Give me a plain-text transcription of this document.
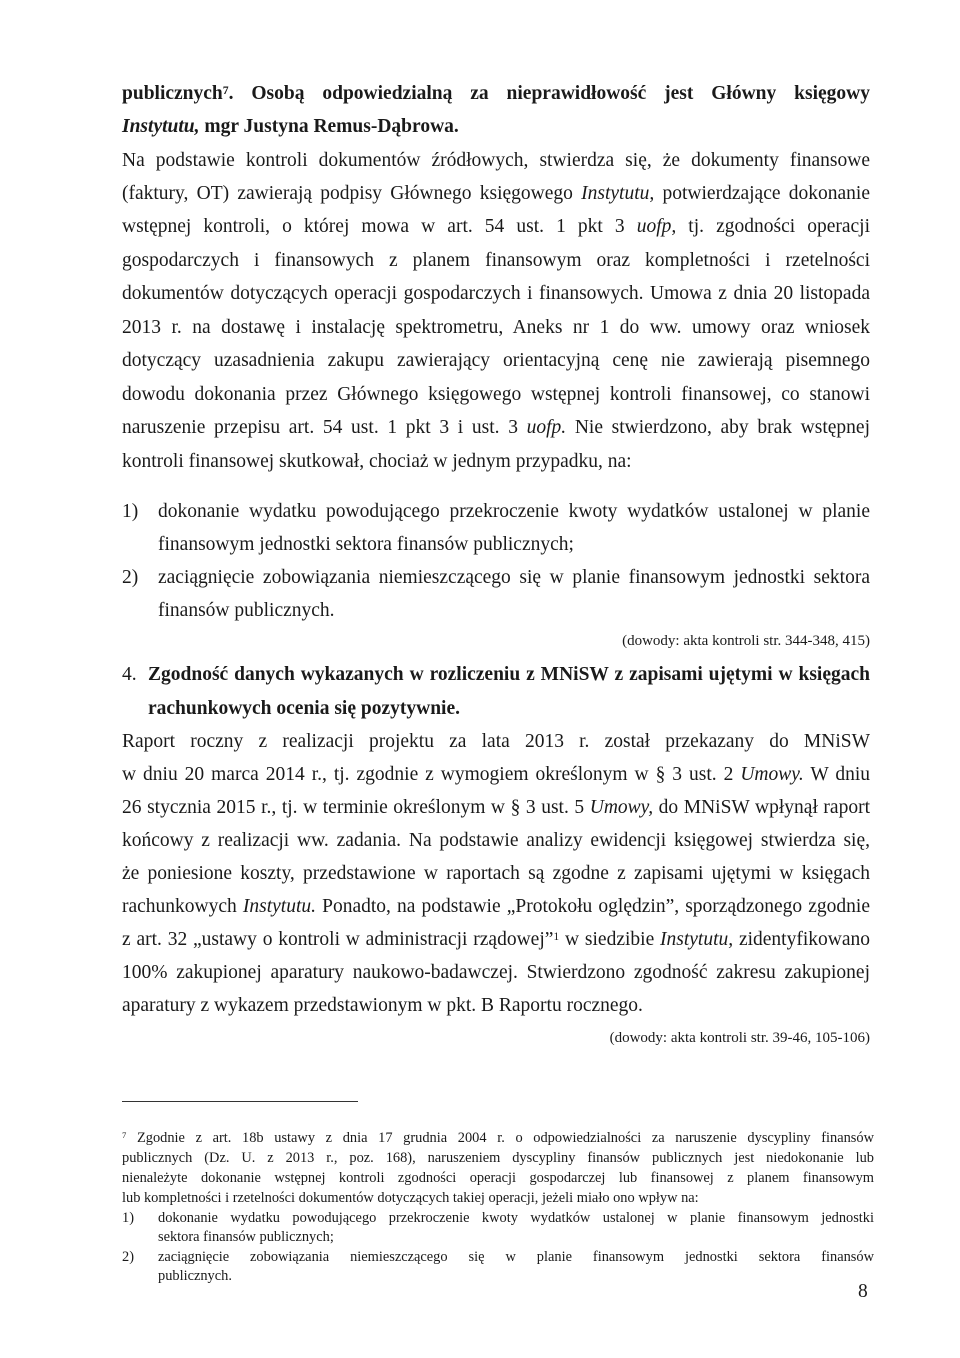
publicznych$^7$. Osobą odpowiedzialną za nieprawidłowość jest Główny księgowy

Instytutu, mgr Justyna Remus-Dąbrowa.

Na podstawie kontroli dokumentów źródłowych, stwierdza się, że dokumenty finansowe

(faktury, OT) zawierają podpisy Głównego księgowego Instytutu, potwierdzające dokonanie

wstępnej kontroli, o której mowa w art. 54 ust. 1 pkt 3 uofp, tj. zgodności operacji

gospodarczych i finansowych z planem finansowym oraz kompletności i rzetelności

dokumentów dotyczących operacji gospodarczych i finansowych. Umowa z dnia 20 listopada

2013 r. na dostawę i instalację spektrometru, Aneks nr 1 do ww. umowy oraz wniosek

dotyczący uzasadnienia zakupu zawierający orientacyjną cenę nie zawierają pisemnego

dowodu dokonania przez Głównego księgowego wstępnej kontroli finansowej, co stanowi

naruszenie przepisu art. 54 ust. 1 pkt 3 i ust. 3 uofp. Nie stwierdzono, aby brak wstępnej

kontroli finansowej skutkował, chociaż w jednym przypadku, na:

1) dokonanie wydatku powodującego przekroczenie kwoty wydatków ustalonej w planie

finansowym jednostki sektora finansów publicznych;

2) zaciągnięcie zobowiązania niemieszczącego się w planie finansowym jednostki sektora

finansów publicznych.

(dowody: akta kontroli str. 344-348, 415)

4. Zgodność danych wykazanych w rozliczeniu z MNiSW z zapisami ujętymi w księgach

rachunkowych ocenia się pozytywnie.

Raport roczny z realizacji projektu za lata 2013 r. został przekazany do MNiSW

w dniu 20 marca 2014 r., tj. zgodnie z wymogiem określonym w § 3 ust. 2 Umowy. W dniu

26 stycznia 2015 r., tj. w terminie określonym w § 3 ust. 5 Umowy, do MNiSW wpłynął raport

końcowy z realizacji ww. zadania. Na podstawie analizy ewidencji księgowej stwierdza się,

że poniesione koszty, przedstawione w raportach są zgodne z zapisami ujętymi w księgach

rachunkowych Instytutu. Ponadto, na podstawie „Protokołu oględzin”, sporządzonego zgodnie

z art. 32 „ustawy o kontroli w administracji rządowej”$^1$ w siedzibie Instytutu, zidentyfikowano

100% zakupionej aparatury naukowo-badawczej. Stwierdzono zgodność zakresu zakupionej

aparatury z wykazem przedstawionym w pkt. B Raportu rocznego.

(dowody: akta kontroli str. 39-46, 105-106)

$^7$ Zgodnie z art. 18b ustawy z dnia 17 grudnia 2004 r. o odpowiedzialności za naruszenie dyscypliny finansów

publicznych (Dz. U. z 2013 r., poz. 168), naruszeniem dyscypliny finansów publicznych jest niedokonanie lub

nienależyte dokonanie wstępnej kontroli zgodności operacji gospodarczej lub finansowej z planem finansowym

lub kompletności i rzetelności dokumentów dotyczących takiej operacji, jeżeli miało ono wpływ na:

1) dokonanie wydatku powodującego przekroczenie kwoty wydatków ustalonej w planie finansowym jednostki

sektora finansów publicznych;

2) zaciągnięcie zobowiązania niemieszczącego się w planie finansowym jednostki sektora finansów

publicznych.

8
